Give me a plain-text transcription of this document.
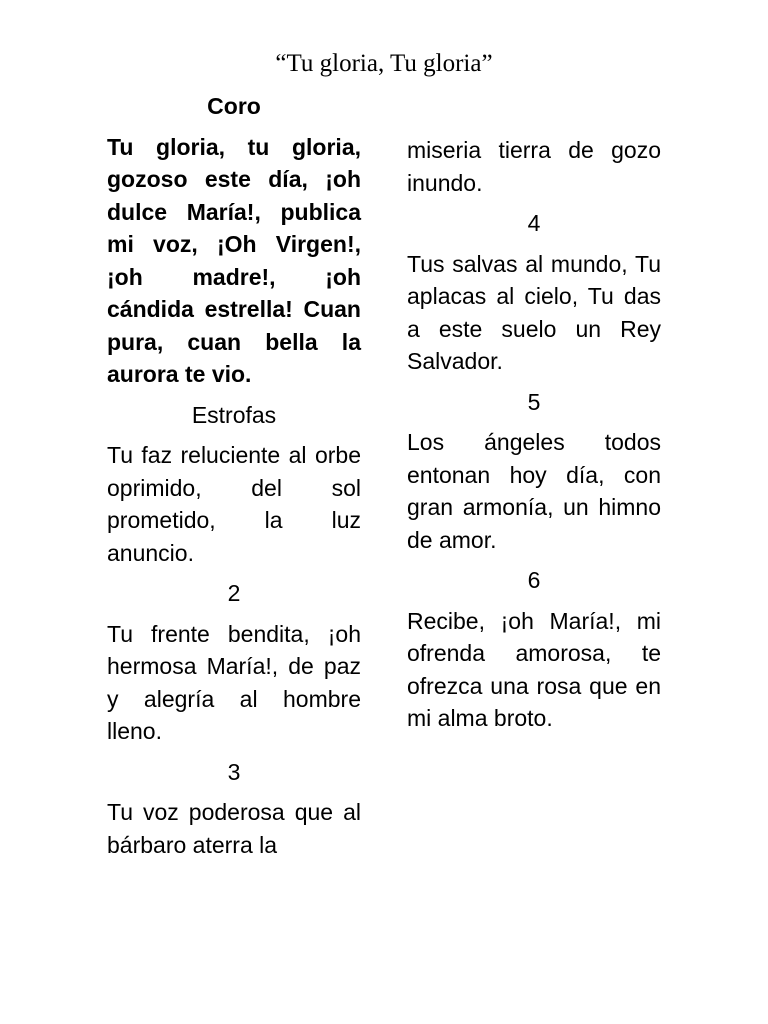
“Tu gloria, Tu gloria”
Coro
Tu gloria, tu gloria, gozoso este día, ¡oh dulce María!, publica mi voz, ¡Oh Virgen!, ¡oh madre!, ¡oh cándida estrella! Cuan pura, cuan bella la aurora te vio.
Estrofas
Tu faz reluciente al orbe oprimido, del sol prometido, la luz anuncio.
2
Tu frente bendita, ¡oh hermosa María!, de paz y alegría al hombre lleno.
3
Tu voz poderosa que al bárbaro aterra la
miseria tierra de gozo inundo.
4
Tus salvas al mundo, Tu aplacas al cielo, Tu das a este suelo un Rey Salvador.
5
Los ángeles todos entonan hoy día, con gran armonía, un himno de amor.
6
Recibe, ¡oh María!, mi ofrenda amorosa, te ofrezca una rosa que en mi alma broto.
